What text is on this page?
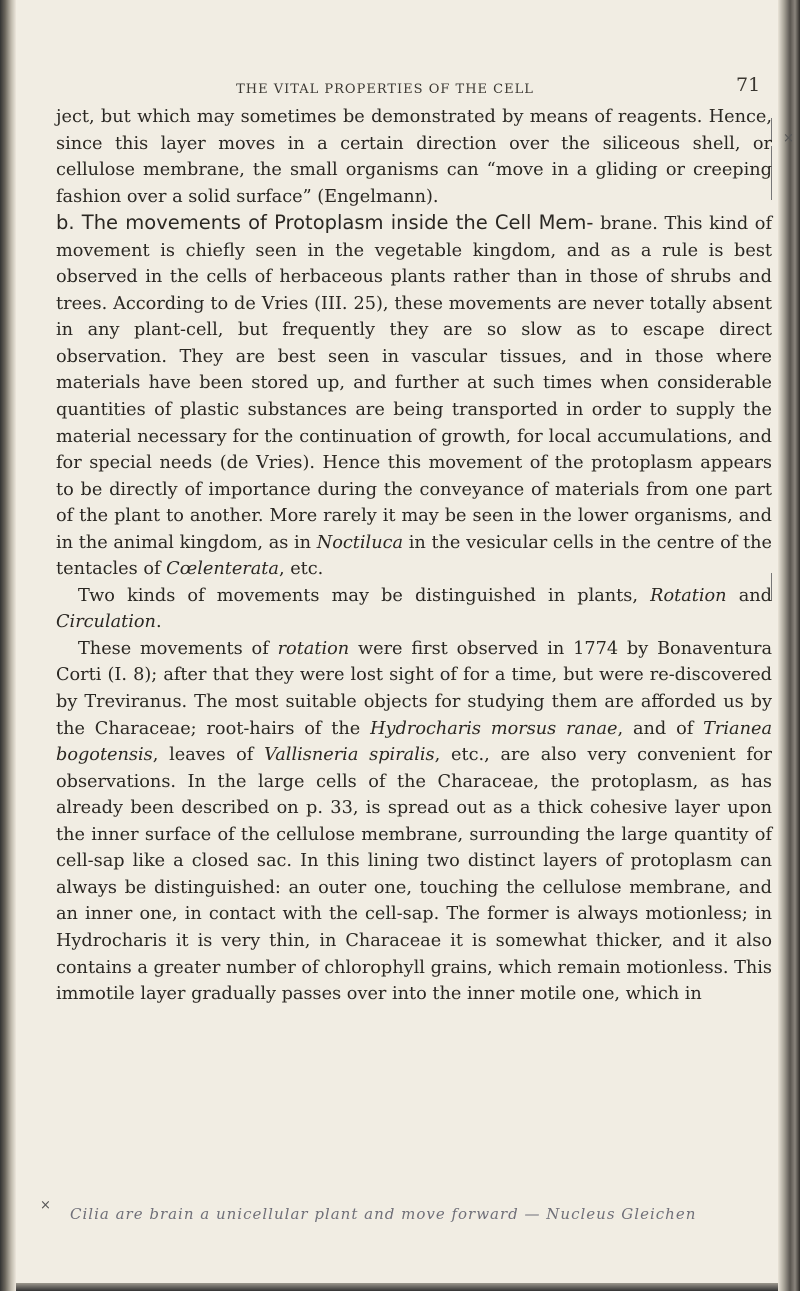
THE VITAL PROPERTIES OF THE CELL	71
×
×

ject, but which may sometimes be demonstrated by means of reagents. Hence, since this layer moves in a certain direction over the siliceous shell, or cellulose membrane, the small organisms can “move in a gliding or creeping fashion over a solid surface” (Engelmann).

b. The movements of Protoplasm inside the Cell Mem- brane. This kind of movement is chiefly seen in the vegetable kingdom, and as a rule is best observed in the cells of herbaceous plants rather than in those of shrubs and trees. According to de Vries (III. 25), these movements are never totally absent in any plant-cell, but frequently they are so slow as to escape direct observation. They are best seen in vascular tissues, and in those where materials have been stored up, and further at such times when considerable quantities of plastic substances are being transported in order to supply the material necessary for the continuation of growth, for local accumulations, and for special needs (de Vries). Hence this movement of the protoplasm appears to be directly of importance during the conveyance of materials from one part of the plant to another. More rarely it may be seen in the lower organisms, and in the animal kingdom, as in Noctiluca in the vesicular cells in the centre of the tentacles of Cœlenterata, etc.

Two kinds of movements may be distinguished in plants, Rotation and Circulation.

These movements of rotation were first observed in 1774 by Bonaventura Corti (I. 8); after that they were lost sight of for a time, but were re-discovered by Treviranus. The most suitable objects for studying them are afforded us by the Characeae; root-hairs of the Hydrocharis morsus ranae, and of Trianea bogotensis, leaves of Vallisneria spiralis, etc., are also very convenient for observations. In the large cells of the Characeae, the protoplasm, as has already been described on p. 33, is spread out as a thick cohesive layer upon the inner surface of the cellulose membrane, surrounding the large quantity of cell-sap like a closed sac. In this lining two distinct layers of protoplasm can always be distinguished: an outer one, touching the cellulose membrane, and an inner one, in contact with the cell-sap. The former is always motionless; in Hydrocharis it is very thin, in Characeae it is somewhat thicker, and it also contains a greater number of chlorophyll grains, which remain motionless. This immotile layer gradually passes over into the inner motile one, which in

Cilia are brain a unicellular plant and move forward — Nucleus Gleichen
